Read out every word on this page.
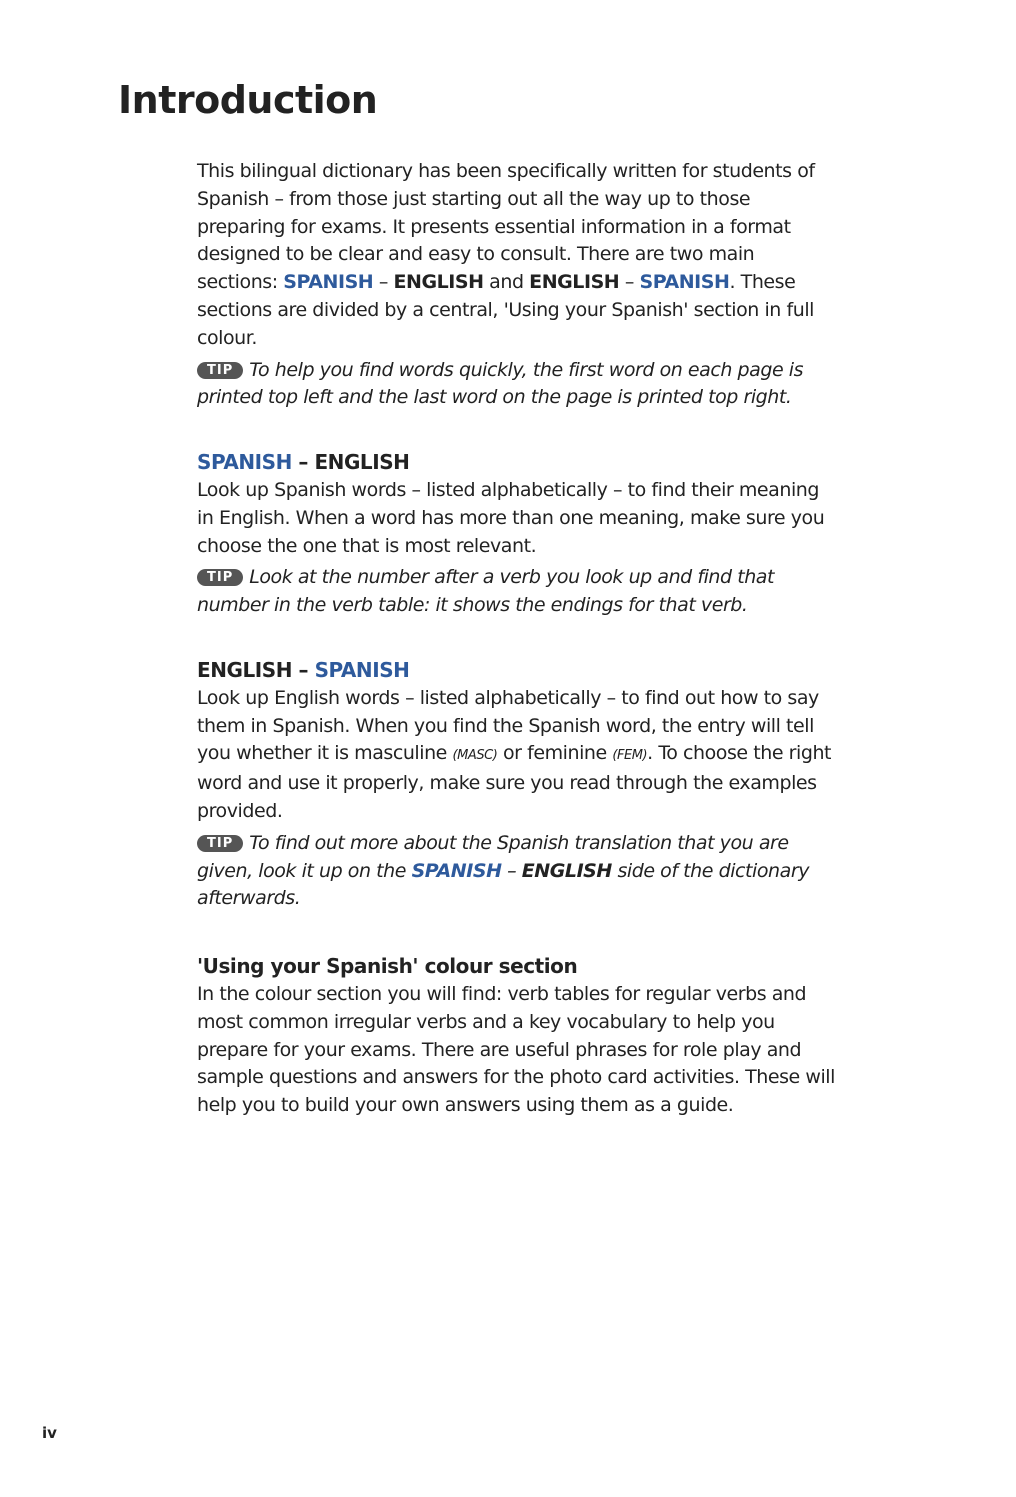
Introduction

This bilingual dictionary has been specifically written for students of Spanish – from those just starting out all the way up to those preparing for exams. It presents essential information in a format designed to be clear and easy to consult. There are two main sections: SPANISH – ENGLISH and ENGLISH – SPANISH. These sections are divided by a central, 'Using your Spanish' section in full colour.

TIP To help you find words quickly, the first word on each page is printed top left and the last word on the page is printed top right.

SPANISH – ENGLISH

Look up Spanish words – listed alphabetically – to find their meaning in English. When a word has more than one meaning, make sure you choose the one that is most relevant.

TIP Look at the number after a verb you look up and find that number in the verb table: it shows the endings for that verb.

ENGLISH – SPANISH

Look up English words – listed alphabetically – to find out how to say them in Spanish. When you find the Spanish word, the entry will tell you whether it is masculine (MASC) or feminine (FEM). To choose the right word and use it properly, make sure you read through the examples provided.

TIP To find out more about the Spanish translation that you are given, look it up on the SPANISH – ENGLISH side of the dictionary afterwards.

'Using your Spanish' colour section

In the colour section you will find: verb tables for regular verbs and most common irregular verbs and a key vocabulary to help you prepare for your exams. There are useful phrases for role play and sample questions and answers for the photo card activities. These will help you to build your own answers using them as a guide.

iv
